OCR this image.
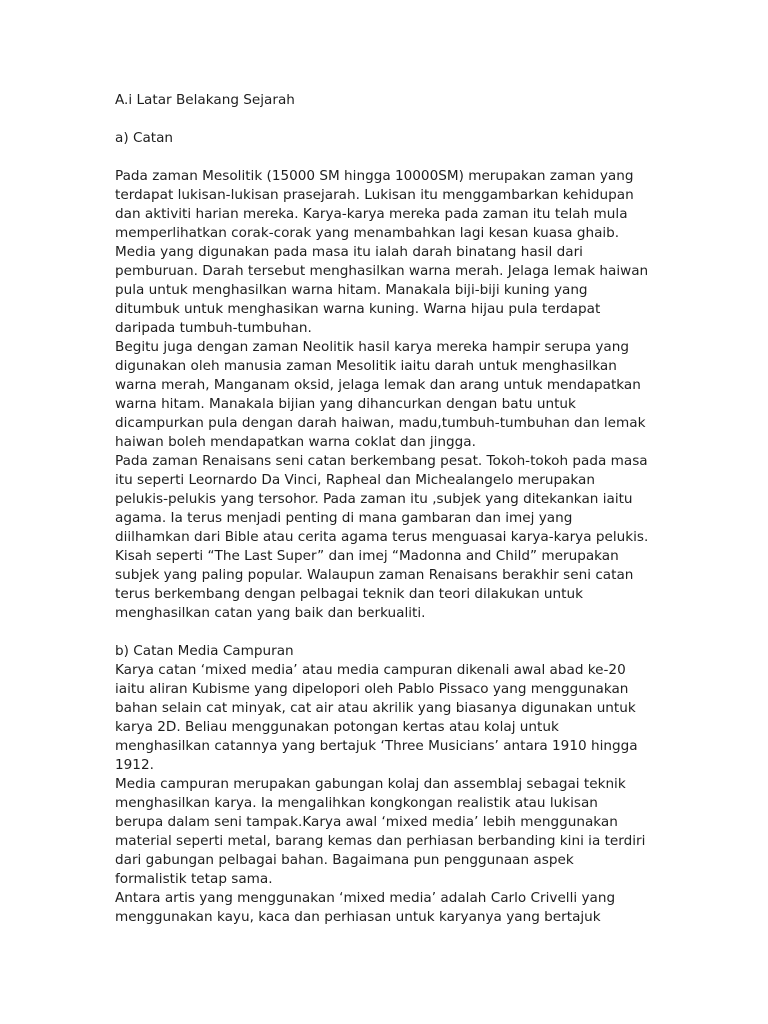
A.i Latar Belakang Sejarah
a) Catan
Pada zaman Mesolitik (15000 SM hingga 10000SM) merupakan zaman yang
terdapat lukisan-lukisan prasejarah. Lukisan itu menggambarkan kehidupan
dan aktiviti harian mereka. Karya-karya mereka pada zaman itu telah mula
memperlihatkan corak-corak yang menambahkan lagi kesan kuasa ghaib.
Media yang digunakan pada masa itu ialah darah binatang hasil dari
pemburuan. Darah tersebut menghasilkan warna merah. Jelaga lemak haiwan
pula untuk menghasilkan warna hitam. Manakala biji-biji kuning yang
ditumbuk untuk menghasikan warna kuning. Warna hijau pula terdapat
daripada tumbuh-tumbuhan.
Begitu juga dengan zaman Neolitik hasil karya mereka hampir serupa yang
digunakan oleh manusia zaman Mesolitik iaitu darah untuk menghasilkan
warna merah, Manganam oksid, jelaga lemak dan arang untuk mendapatkan
warna hitam. Manakala bijian yang dihancurkan dengan batu untuk
dicampurkan pula dengan darah haiwan, madu,tumbuh-tumbuhan dan lemak
haiwan boleh mendapatkan warna coklat dan jingga.
Pada zaman Renaisans seni catan berkembang pesat. Tokoh-tokoh pada masa
itu seperti Leornardo Da Vinci, Rapheal dan Michealangelo merupakan
pelukis-pelukis yang tersohor. Pada zaman itu ,subjek yang ditekankan iaitu
agama. Ia terus menjadi penting di mana gambaran dan imej yang
diilhamkan dari Bible atau cerita agama terus menguasai karya-karya pelukis.
Kisah seperti “The Last Super” dan imej “Madonna and Child” merupakan
subjek yang paling popular. Walaupun zaman Renaisans berakhir seni catan
terus berkembang dengan pelbagai teknik dan teori dilakukan untuk
menghasilkan catan yang baik dan berkualiti.
b) Catan Media Campuran
Karya catan ‘mixed media’ atau media campuran dikenali awal abad ke-20
iaitu aliran Kubisme yang dipelopori oleh Pablo Pissaco yang menggunakan
bahan selain cat minyak, cat air atau akrilik yang biasanya digunakan untuk
karya 2D. Beliau menggunakan potongan kertas atau kolaj untuk
menghasilkan catannya yang bertajuk ‘Three Musicians’ antara 1910 hingga
1912.
Media campuran merupakan gabungan kolaj dan assemblaj sebagai teknik
menghasilkan karya. Ia mengalihkan kongkongan realistik atau lukisan
berupa dalam seni tampak.Karya awal ‘mixed media’ lebih menggunakan
material seperti metal, barang kemas dan perhiasan berbanding kini ia terdiri
dari gabungan pelbagai bahan. Bagaimana pun penggunaan aspek
formalistik tetap sama.
Antara artis yang menggunakan ‘mixed media’ adalah Carlo Crivelli yang
menggunakan kayu, kaca dan perhiasan untuk karyanya yang bertajuk
